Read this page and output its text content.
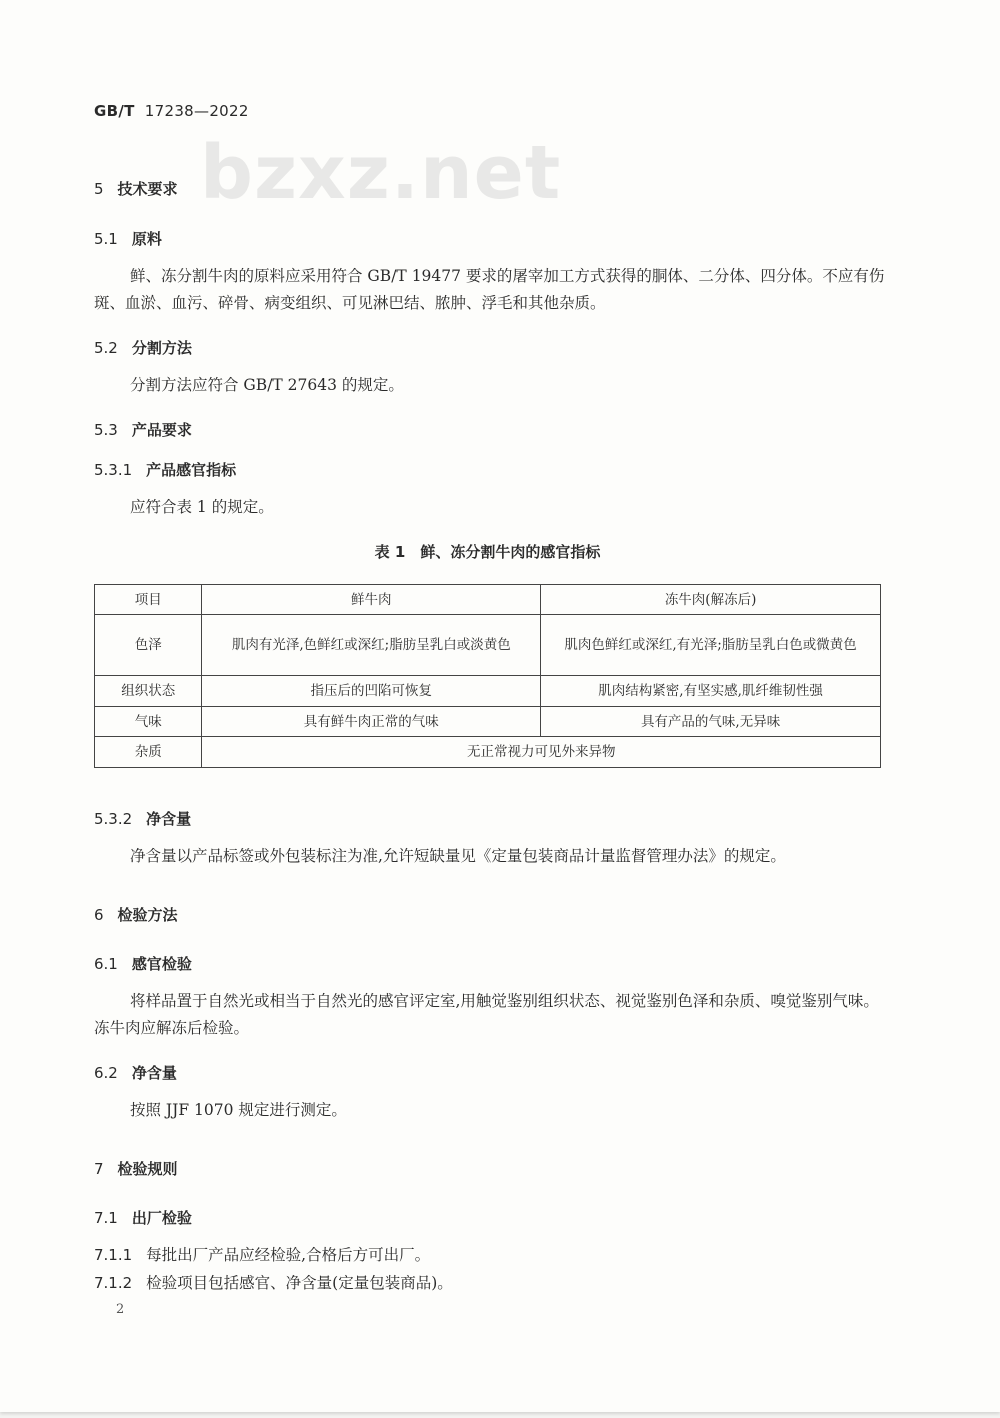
GB/T 17238—2022
bzxz.net
5 技术要求
5.1 原料
鲜、冻分割牛肉的原料应采用符合 GB/T 19477 要求的屠宰加工方式获得的胴体、二分体、四分体。不应有伤斑、血淤、血污、碎骨、病变组织、可见淋巴结、脓肿、浮毛和其他杂质。
5.2 分割方法
分割方法应符合 GB/T 27643 的规定。
5.3 产品要求
5.3.1 产品感官指标
应符合表 1 的规定。
表 1　鲜、冻分割牛肉的感官指标
项目	鲜牛肉	冻牛肉(解冻后)
色泽	肌肉有光泽,色鲜红或深红;脂肪呈乳白或淡黄色	肌肉色鲜红或深红,有光泽;脂肪呈乳白色或微黄色

组织状态	指压后的凹陷可恢复	肌肉结构紧密,有坚实感,肌纤维韧性强
气味	具有鲜牛肉正常的气味	具有产品的气味,无异味
杂质	无正常视力可见外来异物	
5.3.2 净含量
净含量以产品标签或外包装标注为准,允许短缺量见《定量包装商品计量监督管理办法》的规定。
6 检验方法
6.1 感官检验
将样品置于自然光或相当于自然光的感官评定室,用触觉鉴别组织状态、视觉鉴别色泽和杂质、嗅觉鉴别气味。冻牛肉应解冻后检验。
6.2 净含量
按照 JJF 1070 规定进行测定。
7 检验规则
7.1 出厂检验
7.1.1 每批出厂产品应经检验,合格后方可出厂。
7.1.2 检验项目包括感官、净含量(定量包装商品)。
2
